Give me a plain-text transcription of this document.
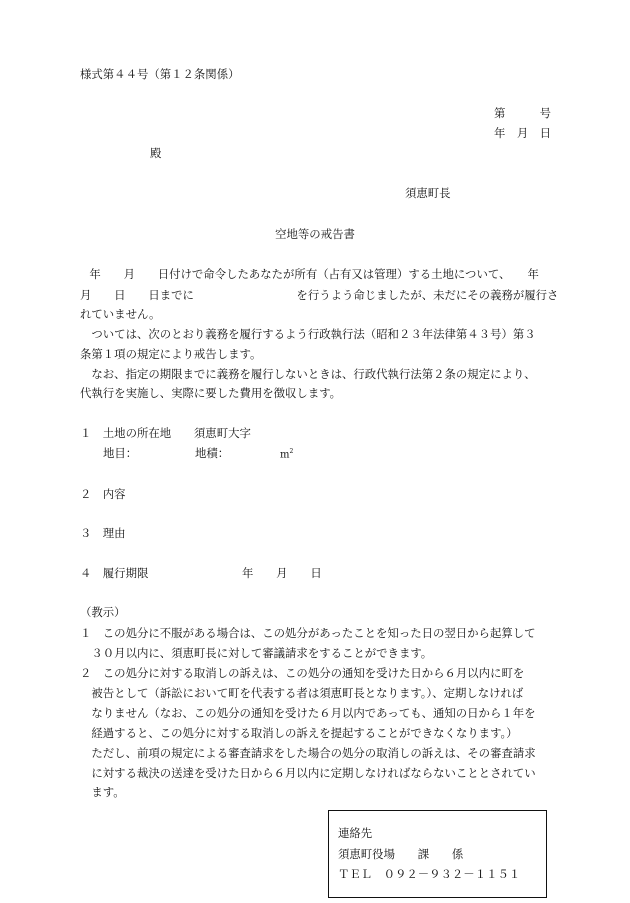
様式第４４号（第１２条関係）
第　　　号
年　月　日
殿
須恵町長
空地等の戒告書
　年　　月　　日付けで命令したあなたが所有（占有又は管理）する土地について、　　年
月　　日　　日までに　　　　　　　　　を行うよう命じましたが、未だにその義務が履行さ
れていません。
　ついては、次のとおり義務を履行するよう行政執行法（昭和２３年法律第４３号）第３
条第１項の規定により戒告します。
　なお、指定の期限までに義務を履行しないときは、行政代執行法第２条の規定により、
代執行を実施し、実際に要した費用を徴収します。
１　土地の所在地　　須恵町大字
地目：	地積：	$m^2$
２　内容
３　理由
４　履行期限	年　　月　　日
（教示）
１　この処分に不服がある場合は、この処分があったことを知った日の翌日から起算して
　３０月以内に、須恵町長に対して審議請求をすることができます。
２　この処分に対する取消しの訴えは、この処分の通知を受けた日から６月以内に町を
　被告として（訴訟において町を代表する者は須恵町長となります。）、定期しなければ
　なりません（なお、この処分の通知を受けた６月以内であっても、通知の日から１年を
　経過すると、この処分に対する取消しの訴えを提起することができなくなります。）
　ただし、前項の規定による審査請求をした場合の処分の取消しの訴えは、その審査請求
　に対する裁決の送達を受けた日から６月以内に定期しなければならないこととされてい
　ます。
連絡先
須恵町役場　　課　　係
ＴＥＬ　０９２－９３２－１１５１
